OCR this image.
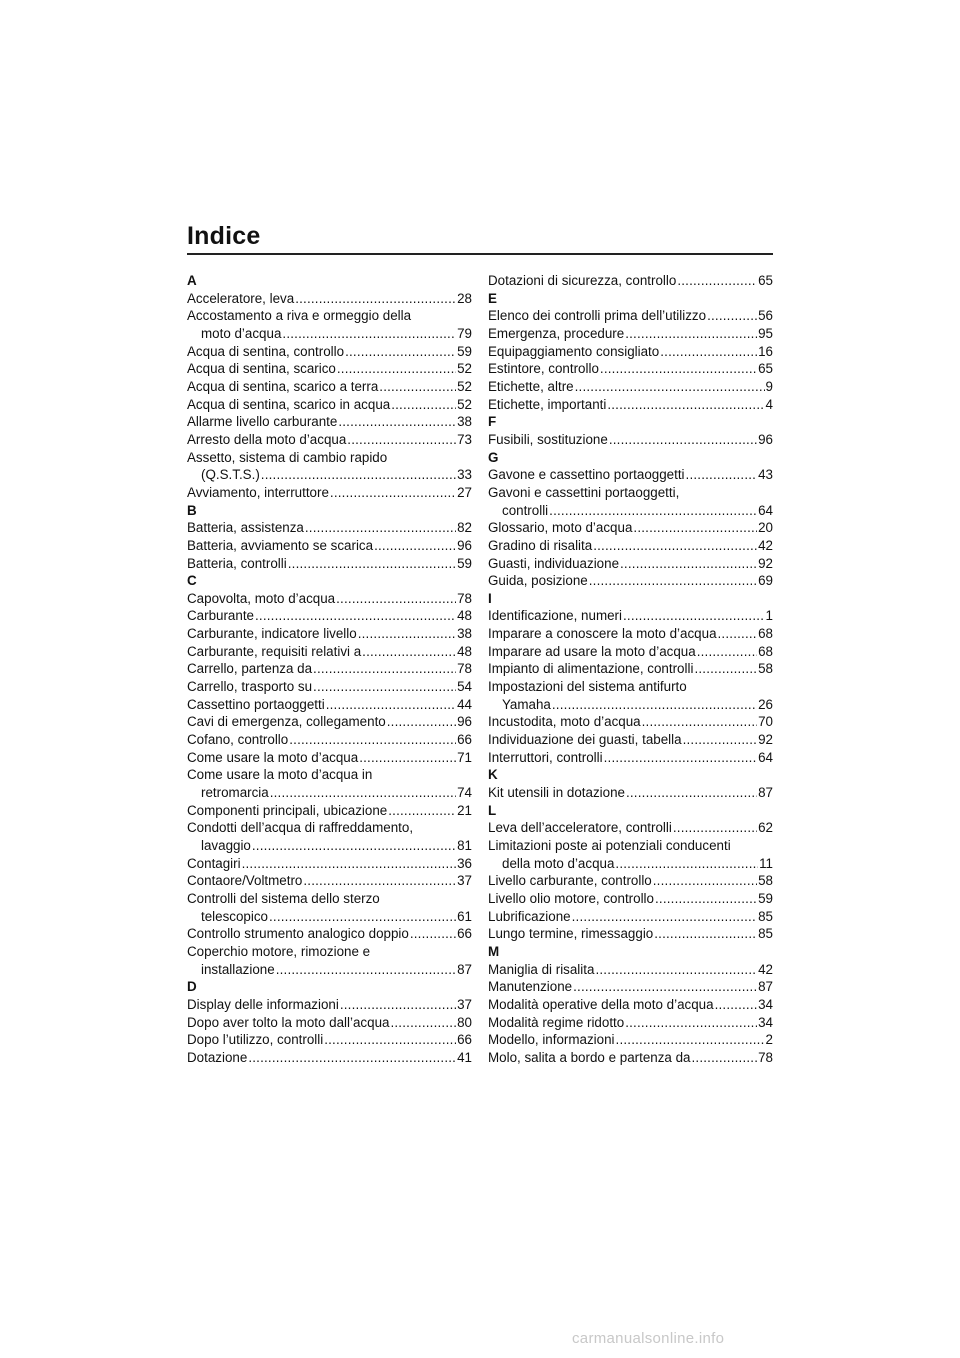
Indice
A
Acceleratore, leva .....	28
Accostamento a riva e ormeggio della
moto d’acqua .....	79
Acqua di sentina, controllo .....	59
Acqua di sentina, scarico .....	52
Acqua di sentina, scarico a terra .....	52
Acqua di sentina, scarico in acqua .....	52
Allarme livello carburante .....	38
Arresto della moto d’acqua .....	73
Assetto, sistema di cambio rapido
(Q.S.T.S.) .....	33
Avviamento, interruttore .....	27
B
Batteria, assistenza .....	82
Batteria, avviamento se scarica .....	96
Batteria, controlli .....	59
C
Capovolta, moto d’acqua .....	78
Carburante .....	48
Carburante, indicatore livello .....	38
Carburante, requisiti relativi a .....	48
Carrello, partenza da .....	78
Carrello, trasporto su .....	54
Cassettino portaoggetti .....	44
Cavi di emergenza, collegamento .....	96
Cofano, controllo .....	66
Come usare la moto d’acqua .....	71
Come usare la moto d’acqua in
retromarcia .....	74
Componenti principali, ubicazione .....	21
Condotti dell’acqua di raffreddamento,
lavaggio .....	81
Contagiri .....	36
Contaore/Voltmetro .....	37
Controlli del sistema dello sterzo
telescopico .....	61
Controllo strumento analogico doppio .....	66
Coperchio motore, rimozione e
installazione .....	87
D
Display delle informazioni .....	37
Dopo aver tolto la moto dall’acqua .....	80
Dopo l’utilizzo, controlli .....	66
Dotazione .....	41
Dotazioni di sicurezza, controllo .....	65
E
Elenco dei controlli prima dell’utilizzo .....	56
Emergenza, procedure .....	95
Equipaggiamento consigliato .....	16
Estintore, controllo .....	65
Etichette, altre .....	9
Etichette, importanti .....	4
F
Fusibili, sostituzione .....	96
G
Gavone e cassettino portaoggetti .....	43
Gavoni e cassettini portaoggetti,
controlli .....	64
Glossario, moto d’acqua .....	20
Gradino di risalita .....	42
Guasti, individuazione .....	92
Guida, posizione .....	69
I
Identificazione, numeri .....	1
Imparare a conoscere la moto d’acqua .....	68
Imparare ad usare la moto d’acqua .....	68
Impianto di alimentazione, controlli .....	58
Impostazioni del sistema antifurto
Yamaha .....	26
Incustodita, moto d’acqua .....	70
Individuazione dei guasti, tabella .....	92
Interruttori, controlli .....	64
K
Kit utensili in dotazione .....	87
L
Leva dell’acceleratore, controlli .....	62
Limitazioni poste ai potenziali conducenti
della moto d’acqua .....	11
Livello carburante, controllo .....	58
Livello olio motore, controllo .....	59
Lubrificazione .....	85
Lungo termine, rimessaggio .....	85
M
Maniglia di risalita .....	42
Manutenzione .....	87
Modalità operative della moto d’acqua .....	34
Modalità regime ridotto .....	34
Modello, informazioni .....	2
Molo, salita a bordo e partenza da .....	78
carmanualsonline.info
